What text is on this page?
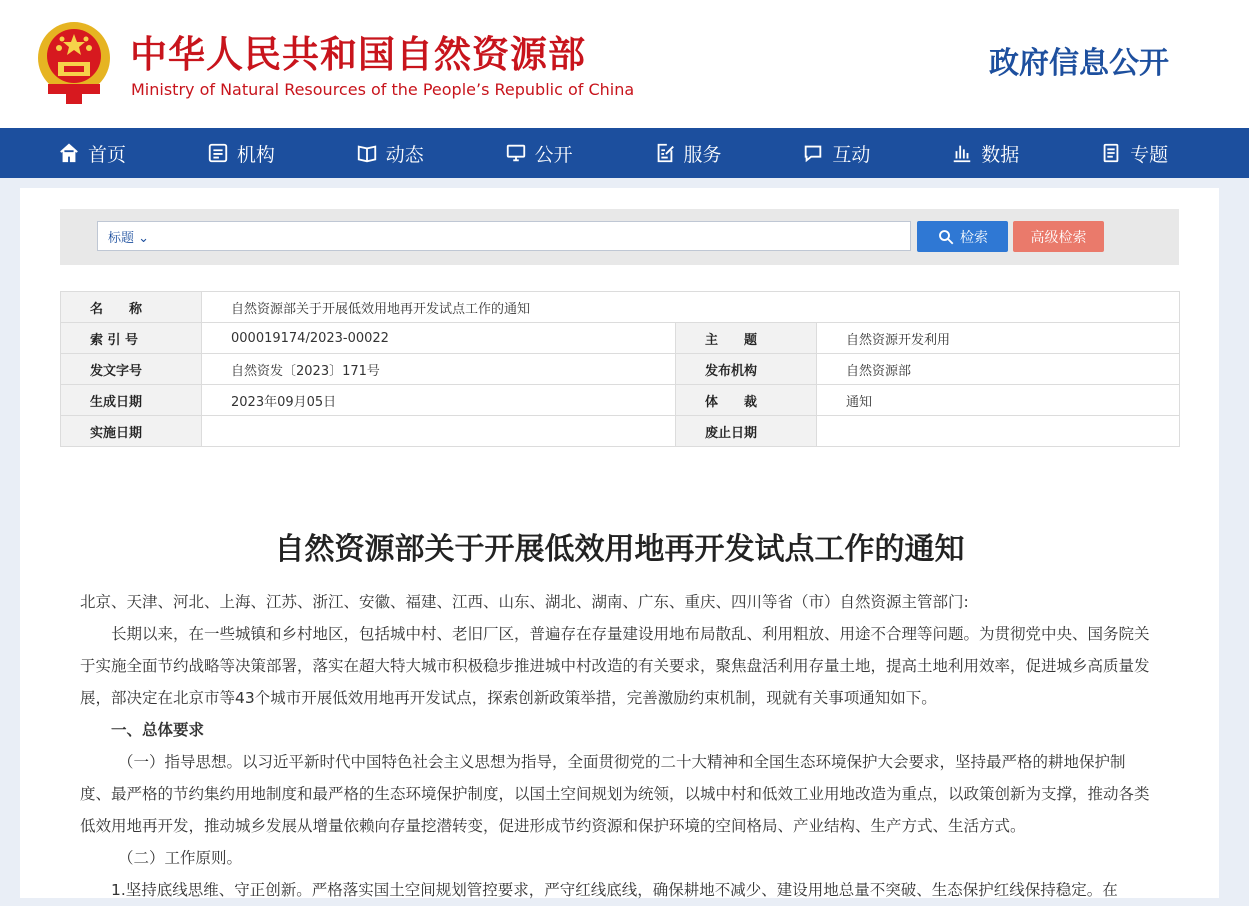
中华人民共和国自然资源部
Ministry of Natural Resources of the People’s Republic of China
政府信息公开
首页	机构	动态	公开	服务	互动	数据	专题
标题 ⌄	检索	高级检索
名　　称	自然资源部关于开展低效用地再开发试点工作的通知		
索 引 号	000019174/2023-00022	主　　题	自然资源开发利用
发文字号	自然资发〔2023〕171号	发布机构	自然资源部
生成日期	2023年09月05日	体　　裁	通知
实施日期		废止日期	
自然资源部关于开展低效用地再开发试点工作的通知

北京、天津、河北、上海、江苏、浙江、安徽、福建、江西、山东、湖北、湖南、广东、重庆、四川等省（市）自然资源主管部门:

长期以来，在一些城镇和乡村地区，包括城中村、老旧厂区，普遍存在存量建设用地布局散乱、利用粗放、用途不合理等问题。为贯彻党中央、国务院关于实施全面节约战略等决策部署，落实在超大特大城市积极稳步推进城中村改造的有关要求，聚焦盘活利用存量土地，提高土地利用效率，促进城乡高质量发展，部决定在北京市等43个城市开展低效用地再开发试点，探索创新政策举措，完善激励约束机制，现就有关事项通知如下。

一、总体要求

（一）指导思想。以习近平新时代中国特色社会主义思想为指导，全面贯彻党的二十大精神和全国生态环境保护大会要求，坚持最严格的耕地保护制度、最严格的节约集约用地制度和最严格的生态环境保护制度，以国土空间规划为统领，以城中村和低效工业用地改造为重点，以政策创新为支撑，推动各类低效用地再开发，推动城乡发展从增量依赖向存量挖潜转变，促进形成节约资源和保护环境的空间格局、产业结构、生产方式、生活方式。

（二）工作原则。

1.坚持底线思维、守正创新。严格落实国土空间规划管控要求，严守红线底线，确保耕地不减少、建设用地总量不突破、生态保护红线保持稳定。在
